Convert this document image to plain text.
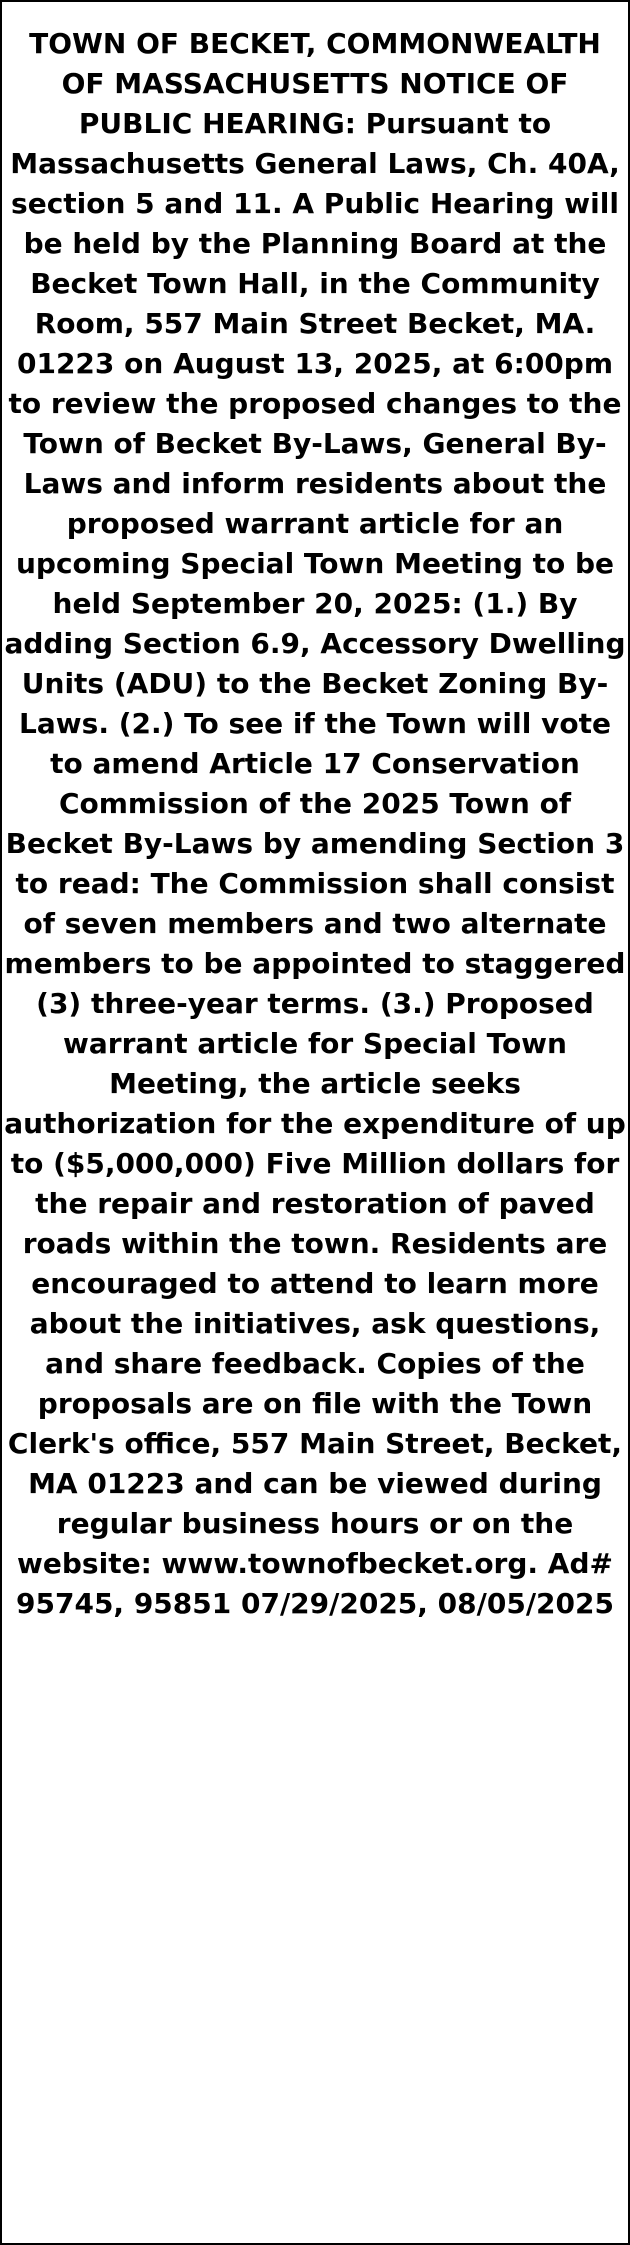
TOWN OF BECKET, COMMONWEALTH OF MASSACHUSETTS NOTICE OF PUBLIC HEARING: Pursuant to Massachusetts General Laws, Ch. 40A, section 5 and 11. A Public Hearing will be held by the Planning Board at the Becket Town Hall, in the Community Room, 557 Main Street Becket, MA. 01223 on August 13, 2025, at 6:00pm to review the proposed changes to the Town of Becket By-Laws, General By-Laws and inform residents about the proposed warrant article for an upcoming Special Town Meeting to be held September 20, 2025: (1.) By adding Section 6.9, Accessory Dwelling Units (ADU) to the Becket Zoning By-Laws. (2.) To see if the Town will vote to amend Article 17 Conservation Commission of the 2025 Town of Becket By-Laws by amending Section 3 to read: The Commission shall consist of seven members and two alternate members to be appointed to staggered (3) three-year terms. (3.) Proposed warrant article for Special Town Meeting, the article seeks authorization for the expenditure of up to ($5,000,000) Five Million dollars for the repair and restoration of paved roads within the town. Residents are encouraged to attend to learn more about the initiatives, ask questions, and share feedback. Copies of the proposals are on file with the Town Clerk's office, 557 Main Street, Becket, MA 01223 and can be viewed during regular business hours or on the website: www.townofbecket.org. Ad# 95745, 95851 07/29/2025, 08/05/2025
